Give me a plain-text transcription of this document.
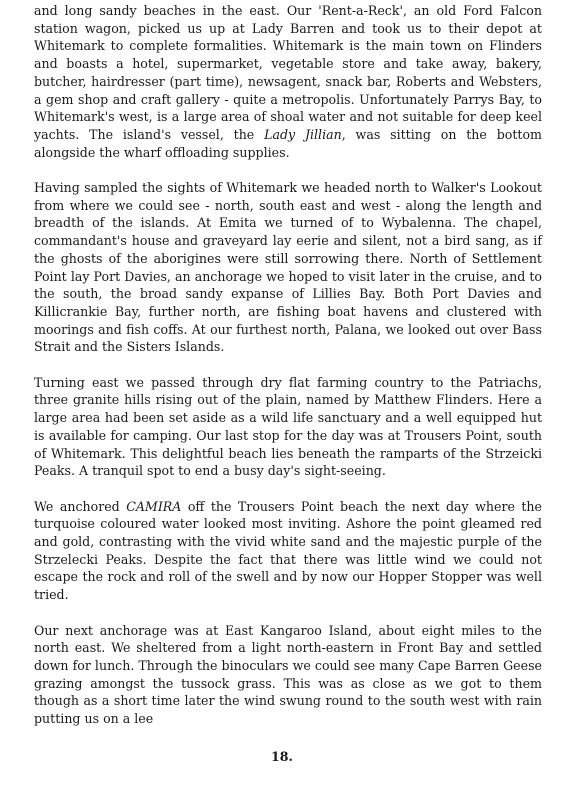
and long sandy beaches in the east. Our 'Rent-a-Reck', an old Ford Falcon station wagon, picked us up at Lady Barren and took us to their depot at Whitemark to complete formalities. Whitemark is the main town on Flinders and boasts a hotel, supermarket, vegetable store and take away, bakery, butcher, hairdresser (part time), newsagent, snack bar, Roberts and Websters, a gem shop and craft gallery - quite a metropolis. Unfortunately Parrys Bay, to Whitemark's west, is a large area of shoal water and not suitable for deep keel yachts. The island's vessel, the Lady Jillian, was sitting on the bottom alongside the wharf offloading supplies.

Having sampled the sights of Whitemark we headed north to Walker's Lookout from where we could see - north, south east and west - along the length and breadth of the islands. At Emita we turned of to Wybalenna. The chapel, commandant's house and graveyard lay eerie and silent, not a bird sang, as if the ghosts of the aborigines were still sorrowing there. North of Settlement Point lay Port Davies, an anchorage we hoped to visit later in the cruise, and to the south, the broad sandy expanse of Lillies Bay. Both Port Davies and Killicrankie Bay, further north, are fishing boat havens and clustered with moorings and fish coffs. At our furthest north, Palana, we looked out over Bass Strait and the Sisters Islands.

Turning east we passed through dry flat farming country to the Patriachs, three granite hills rising out of the plain, named by Matthew Flinders. Here a large area had been set aside as a wild life sanctuary and a well equipped hut is available for camping. Our last stop for the day was at Trousers Point, south of Whitemark. This delightful beach lies beneath the ramparts of the Strzeicki Peaks. A tranquil spot to end a busy day's sight-seeing.

We anchored CAMIRA off the Trousers Point beach the next day where the turquoise coloured water looked most inviting. Ashore the point gleamed red and gold, contrasting with the vivid white sand and the majestic purple of the Strzelecki Peaks. Despite the fact that there was little wind we could not escape the rock and roll of the swell and by now our Hopper Stopper was well tried.

Our next anchorage was at East Kangaroo Island, about eight miles to the north east. We sheltered from a light north-eastern in Front Bay and settled down for lunch. Through the binoculars we could see many Cape Barren Geese grazing amongst the tussock grass. This was as close as we got to them though as a short time later the wind swung round to the south west with rain putting us on a lee

18.
